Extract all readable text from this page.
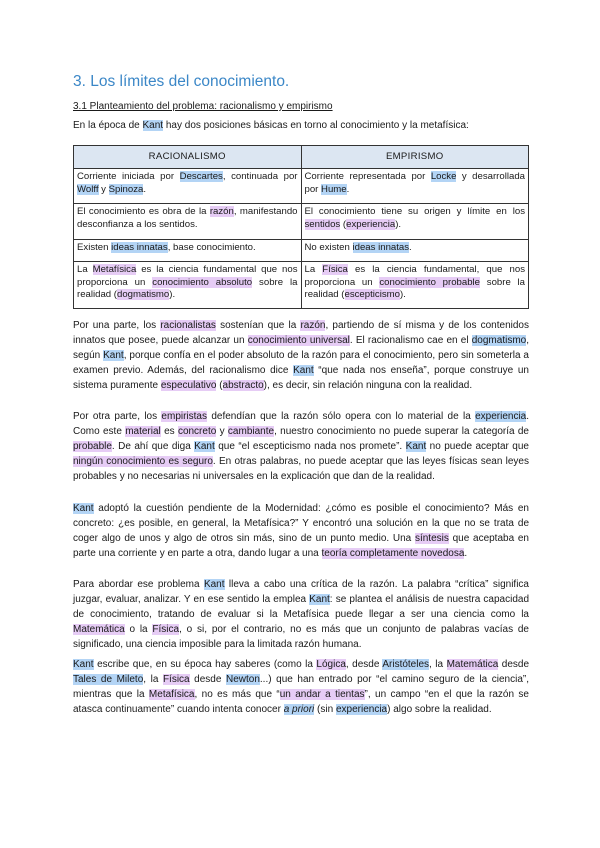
3. Los límites del conocimiento.
3.1 Planteamiento del problema: racionalismo y empirismo
En la época de Kant hay dos posiciones básicas en torno al conocimiento y la metafísica:
RACIONALISMO	EMPIRISMO
Corriente iniciada por Descartes, continuada por Wolff y Spinoza.	Corriente representada por Locke y desarrollada por Hume.
El conocimiento es obra de la razón, manifestando desconfianza a los sentidos.	El conocimiento tiene su origen y límite en los sentidos (experiencia).
Existen ideas innatas, base conocimiento.	No existen ideas innatas.
La Metafísica es la ciencia fundamental que nos proporciona un conocimiento absoluto sobre la realidad (dogmatismo).	La Física es la ciencia fundamental, que nos proporciona un conocimiento probable sobre la realidad (escepticismo).

Por una parte, los racionalistas sostenían que la razón, partiendo de sí misma y de los contenidos innatos que posee, puede alcanzar un conocimiento universal. El racionalismo cae en el dogmatismo, según Kant, porque confía en el poder absoluto de la razón para el conocimiento, pero sin someterla a examen previo. Además, del racionalismo dice Kant “que nada nos enseña”, porque construye un sistema puramente especulativo (abstracto), es decir, sin relación ninguna con la realidad.

Por otra parte, los empiristas defendían que la razón sólo opera con lo material de la experiencia. Como este material es concreto y cambiante, nuestro conocimiento no puede superar la categoría de probable. De ahí que diga Kant que “el escepticismo nada nos promete”. Kant no puede aceptar que ningún conocimiento es seguro. En otras palabras, no puede aceptar que las leyes físicas sean leyes probables y no necesarias ni universales en la explicación que dan de la realidad.

Kant adoptó la cuestión pendiente de la Modernidad: ¿cómo es posible el conocimiento? Más en concreto: ¿es posible, en general, la Metafísica?” Y encontró una solución en la que no se trata de coger algo de unos y algo de otros sin más, sino de un punto medio. Una síntesis que aceptaba en parte una corriente y en parte a otra, dando lugar a una teoría completamente novedosa.

Para abordar ese problema Kant lleva a cabo una crítica de la razón. La palabra “crítica” significa juzgar, evaluar, analizar. Y en ese sentido la emplea Kant: se plantea el análisis de nuestra capacidad de conocimiento, tratando de evaluar si la Metafísica puede llegar a ser una ciencia como la Matemática o la Física, o si, por el contrario, no es más que un conjunto de palabras vacías de significado, una ciencia imposible para la limitada razón humana.

Kant escribe que, en su época hay saberes (como la Lógica, desde Aristóteles, la Matemática desde Tales de Mileto, la Física desde Newton...) que han entrado por “el camino seguro de la ciencia”, mientras que la Metafísica, no es más que “un andar a tientas”, un campo “en el que la razón se atasca continuamente” cuando intenta conocer a priori (sin experiencia) algo sobre la realidad.
